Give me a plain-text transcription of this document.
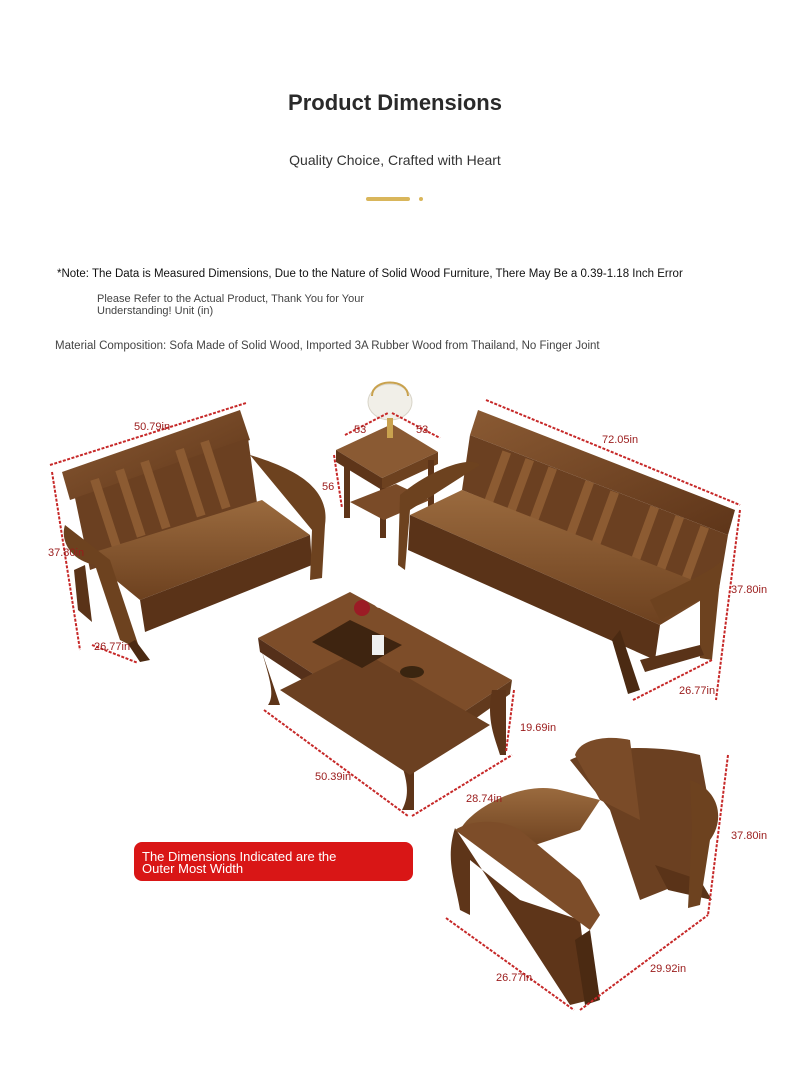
Product Dimensions
Quality Choice, Crafted with Heart
*Note: The Data is Measured Dimensions, Due to the Nature of Solid Wood Furniture, There May Be a 0.39-1.18 Inch Error
Please Refer to the Actual Product, Thank You for Your Understanding! Unit (in)
Material Composition: Sofa Made of Solid Wood, Imported 3A Rubber Wood from Thailand, No Finger Joint
50.79in
37.80in
26.77in
53	53
56
72.05in
37.80in
26.77in
50.39in
28.74in
19.69in
37.80in
29.92in
26.77in
The Dimensions Indicated are the
Outer Most Width
